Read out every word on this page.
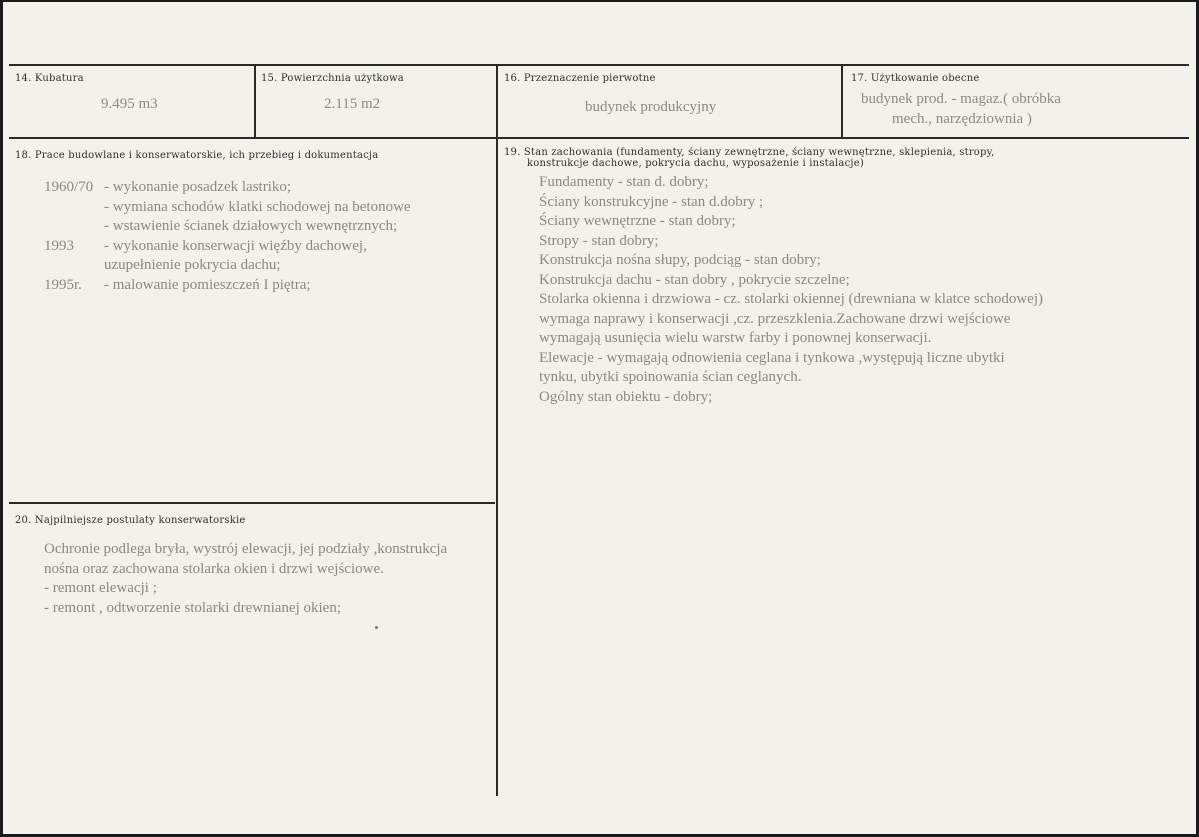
14. Kubatura
9.495 m3
15. Powierzchnia użytkowa
2.115 m2
16. Przeznaczenie pierwotne
budynek produkcyjny
17. Użytkowanie obecne
budynek prod. - magaz.( obróbka
mech., narzędziownia )
18. Prace budowlane i konserwatorskie, ich przebieg i dokumentacja
1960/70 - wykonanie posadzek lastriko;
- wymiana schodów klatki schodowej na betonowe
- wstawienie ścianek działowych wewnętrznych;
1993	- wykonanie konserwacji więźby dachowej,
uzupełnienie pokrycia dachu;
1995r.	- malowanie pomieszczeń I piętra;
19. Stan zachowania (fundamenty, ściany zewnętrzne, ściany wewnętrzne, sklepienia, stropy,
konstrukcje dachowe, pokrycia dachu, wyposażenie i instalacje)
Fundamenty - stan d. dobry;
Ściany konstrukcyjne - stan d.dobry ;
Ściany wewnętrzne - stan dobry;
Stropy - stan dobry;
Konstrukcja nośna słupy, podciąg - stan dobry;
Konstrukcja dachu - stan dobry , pokrycie szczelne;
Stolarka okienna i drzwiowa - cz. stolarki okiennej (drewniana w klatce schodowej)
wymaga naprawy i konserwacji ,cz. przeszklenia.Zachowane drzwi wejściowe
wymagają usunięcia wielu warstw farby i ponownej konserwacji.
Elewacje - wymagają odnowienia ceglana i tynkowa ,występują liczne ubytki
tynku, ubytki spoinowania ścian ceglanych.
Ogólny stan obiektu - dobry;
20. Najpilniejsze postulaty konserwatorskie
Ochronie podlega bryła, wystrój elewacji, jej podziały ,konstrukcja
nośna oraz zachowana stolarka okien i drzwi wejściowe.
- remont elewacji ;
- remont , odtworzenie stolarki drewnianej okien;
